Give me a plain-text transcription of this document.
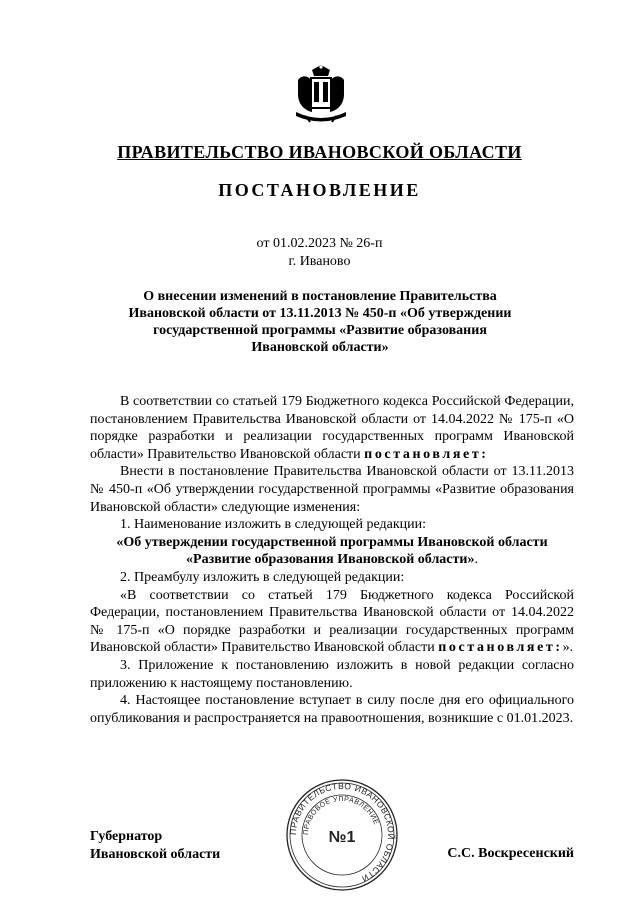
ПРАВИТЕЛЬСТВО ИВАНОВСКОЙ ОБЛАСТИ
ПОСТАНОВЛЕНИЕ
от 01.02.2023 № 26-п
г. Иваново
О внесении изменений в постановление Правительства
Ивановской области от 13.11.2013 № 450-п «Об утверждении
государственной программы «Развитие образования
Ивановской области»
В соответствии со статьей 179 Бюджетного кодекса Российской Федерации, постановлением Правительства Ивановской области от 14.04.2022 № 175-п «О порядке разработки и реализации государственных программ Ивановской области» Правительство Ивановской области постановляет:
Внести в постановление Правительства Ивановской области от 13.11.2013 № 450-п «Об утверждении государственной программы «Развитие образования Ивановской области» следующие изменения:
1. Наименование изложить в следующей редакции:
«Об утверждении государственной программы Ивановской области
«Развитие образования Ивановской области».
2. Преамбулу изложить в следующей редакции:
«В соответствии со статьей 179 Бюджетного кодекса Российской Федерации, постановлением Правительства Ивановской области от 14.04.2022 № 175-п «О порядке разработки и реализации государственных программ Ивановской области» Правительство Ивановской области постановляет:».
3. Приложение к постановлению изложить в новой редакции согласно приложению к настоящему постановлению.
4. Настоящее постановление вступает в силу после дня его официального опубликования и распространяется на правоотношения, возникшие с 01.01.2023.
ПРАВИТЕЛЬСТВО ИВАНОВСКОЙ ОБЛАСТИ
ПРАВОВОЕ УПРАВЛЕНИЕ
№1
Губернатор
Ивановской области	С.С. Воскресенский
